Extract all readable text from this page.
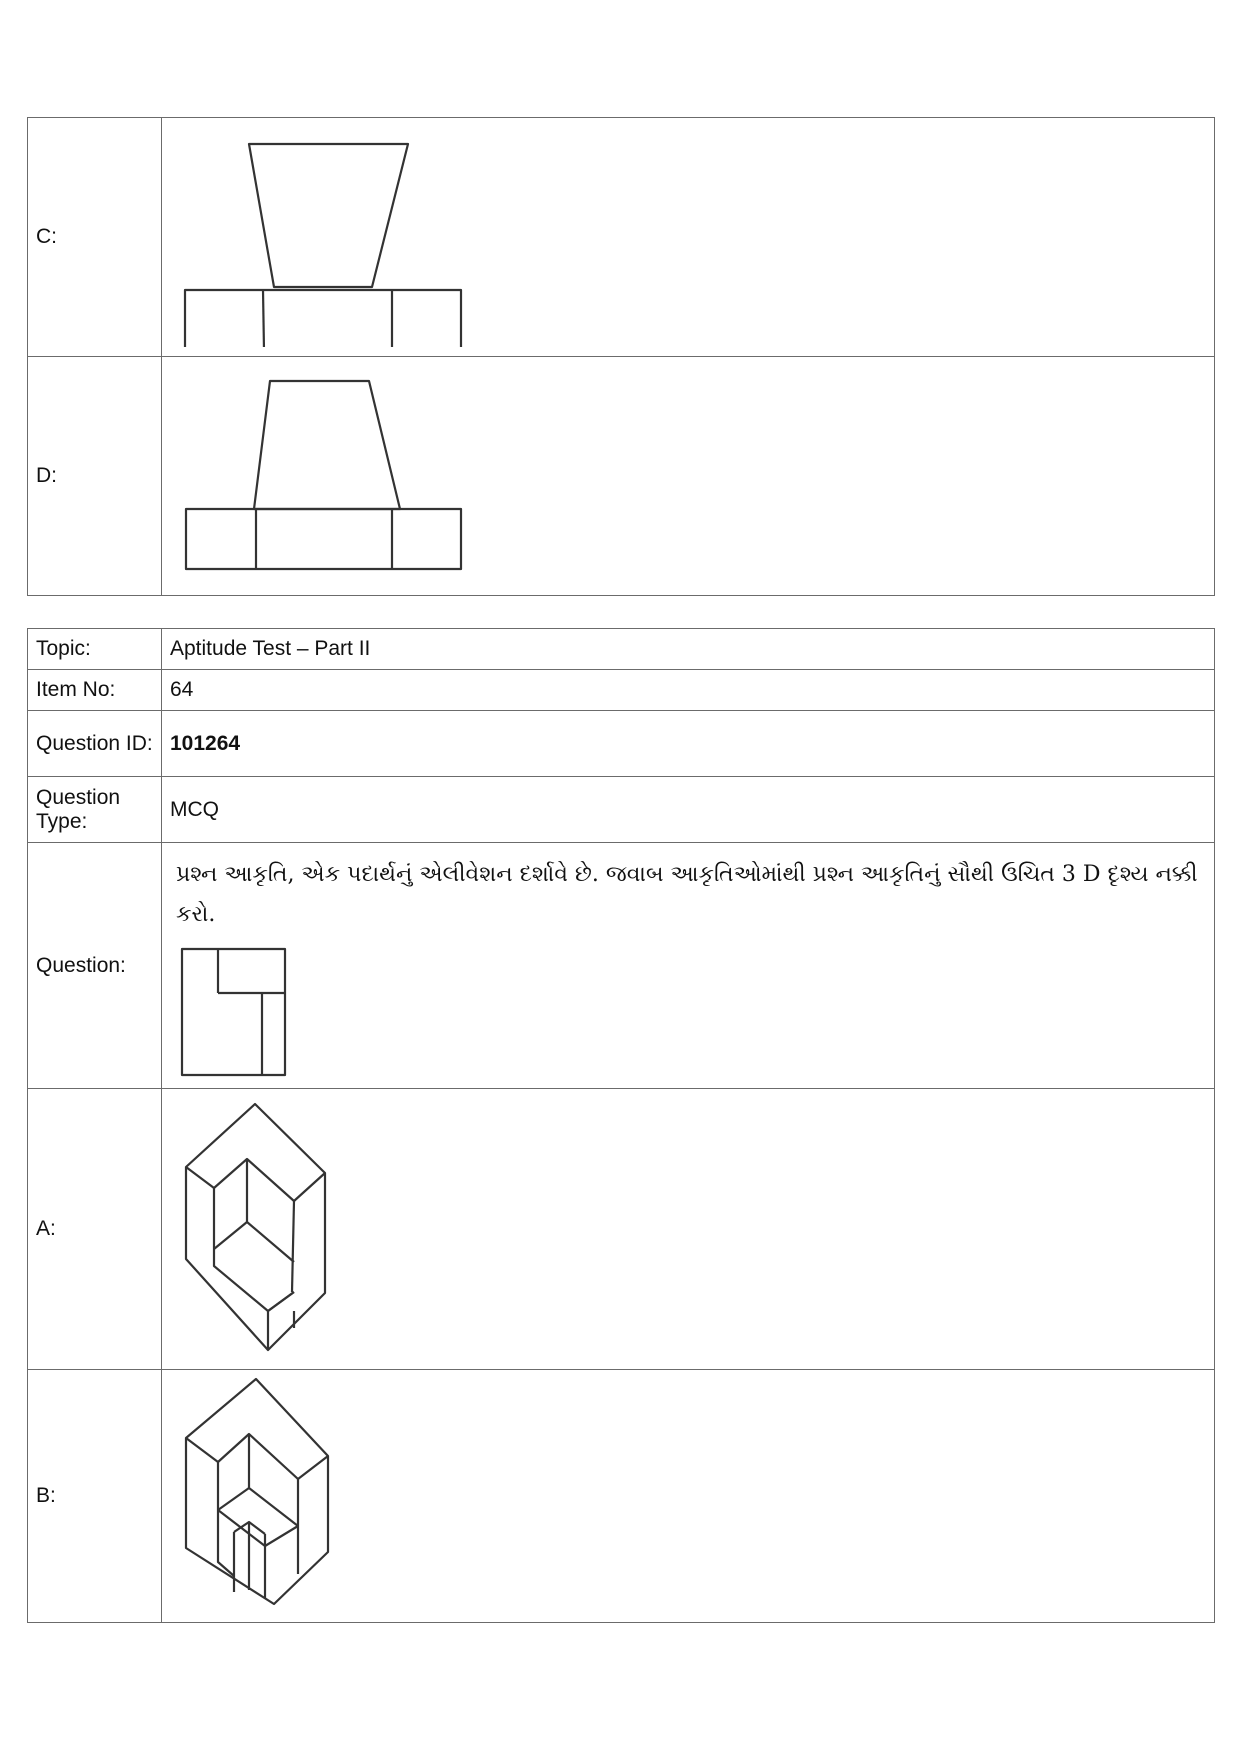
C:	

D:	
Topic:	Aptitude Test – Part II
Item No:	64
Question ID:	101264
Question Type:	MCQ
Question:	પ્રશ્ન આકૃતિ, એક પદાર્થનું એલીવેશન દર્શાવે છે. જવાબ આકૃતિઓમાંથી પ્રશ્ન આકૃતિનું સૌથી ઉચિત 3 D દૃશ્ય નક્કી કરો.

A:	

B:	
